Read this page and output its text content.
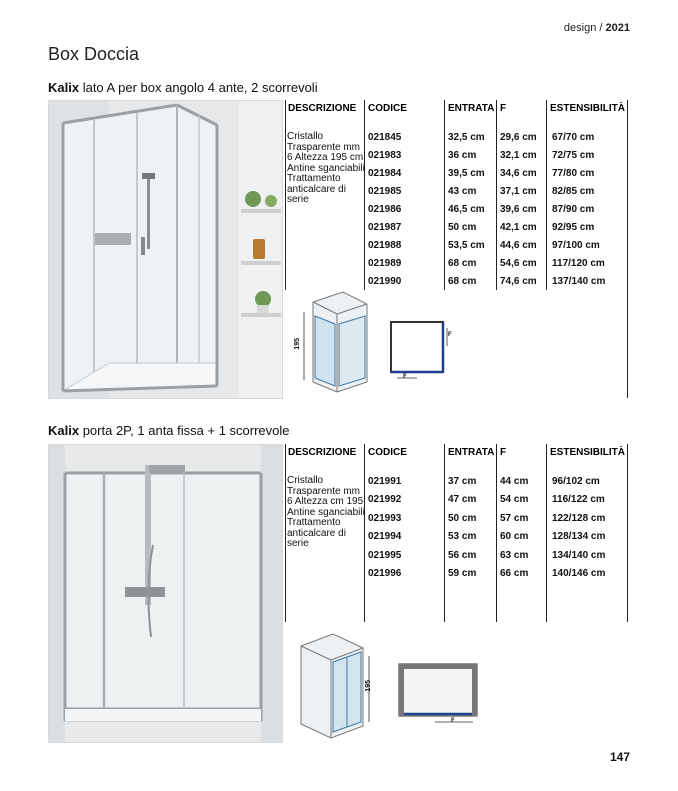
design / 2021
Box Doccia
Kalix lato A per box angolo 4 ante, 2 scorrevoli
DESCRIZIONE CODICE	ENTRATA F	ESTENSIBILITÀ
Cristallo Trasparente mm 6 Altezza 195 cm Antine sganciabili Trattamento anticalcare di serie
021845	32,5 cm 29,6 cm 67/70 cm
021983	36 cm 32,1 cm 72/75 cm
021984	39,5 cm 34,6 cm 77/80 cm
021985	43 cm 37,1 cm 82/85 cm
021986	46,5 cm 39,6 cm 87/90 cm
021987	50 cm 42,1 cm 92/95 cm
021988	53,5 cm 44,6 cm 97/100 cm
021989	68 cm 54,6 cm 117/120 cm
021990	68 cm 74,6 cm 137/140 cm
195
F
F
Kalix porta 2P, 1 anta fissa + 1 scorrevole
DESCRIZIONE CODICE	ENTRATA F	ESTENSIBILITÀ
Cristallo Trasparente mm 6 Altezza cm 195 Antine sganciabili Trattamento anticalcare di serie
021991	37 cm 44 cm 96/102 cm
021992	47 cm 54 cm 116/122 cm
021993	50 cm 57 cm 122/128 cm
021994	53 cm 60 cm 128/134 cm
021995	56 cm 63 cm 134/140 cm
021996	59 cm 66 cm 140/146 cm
195
F
147
